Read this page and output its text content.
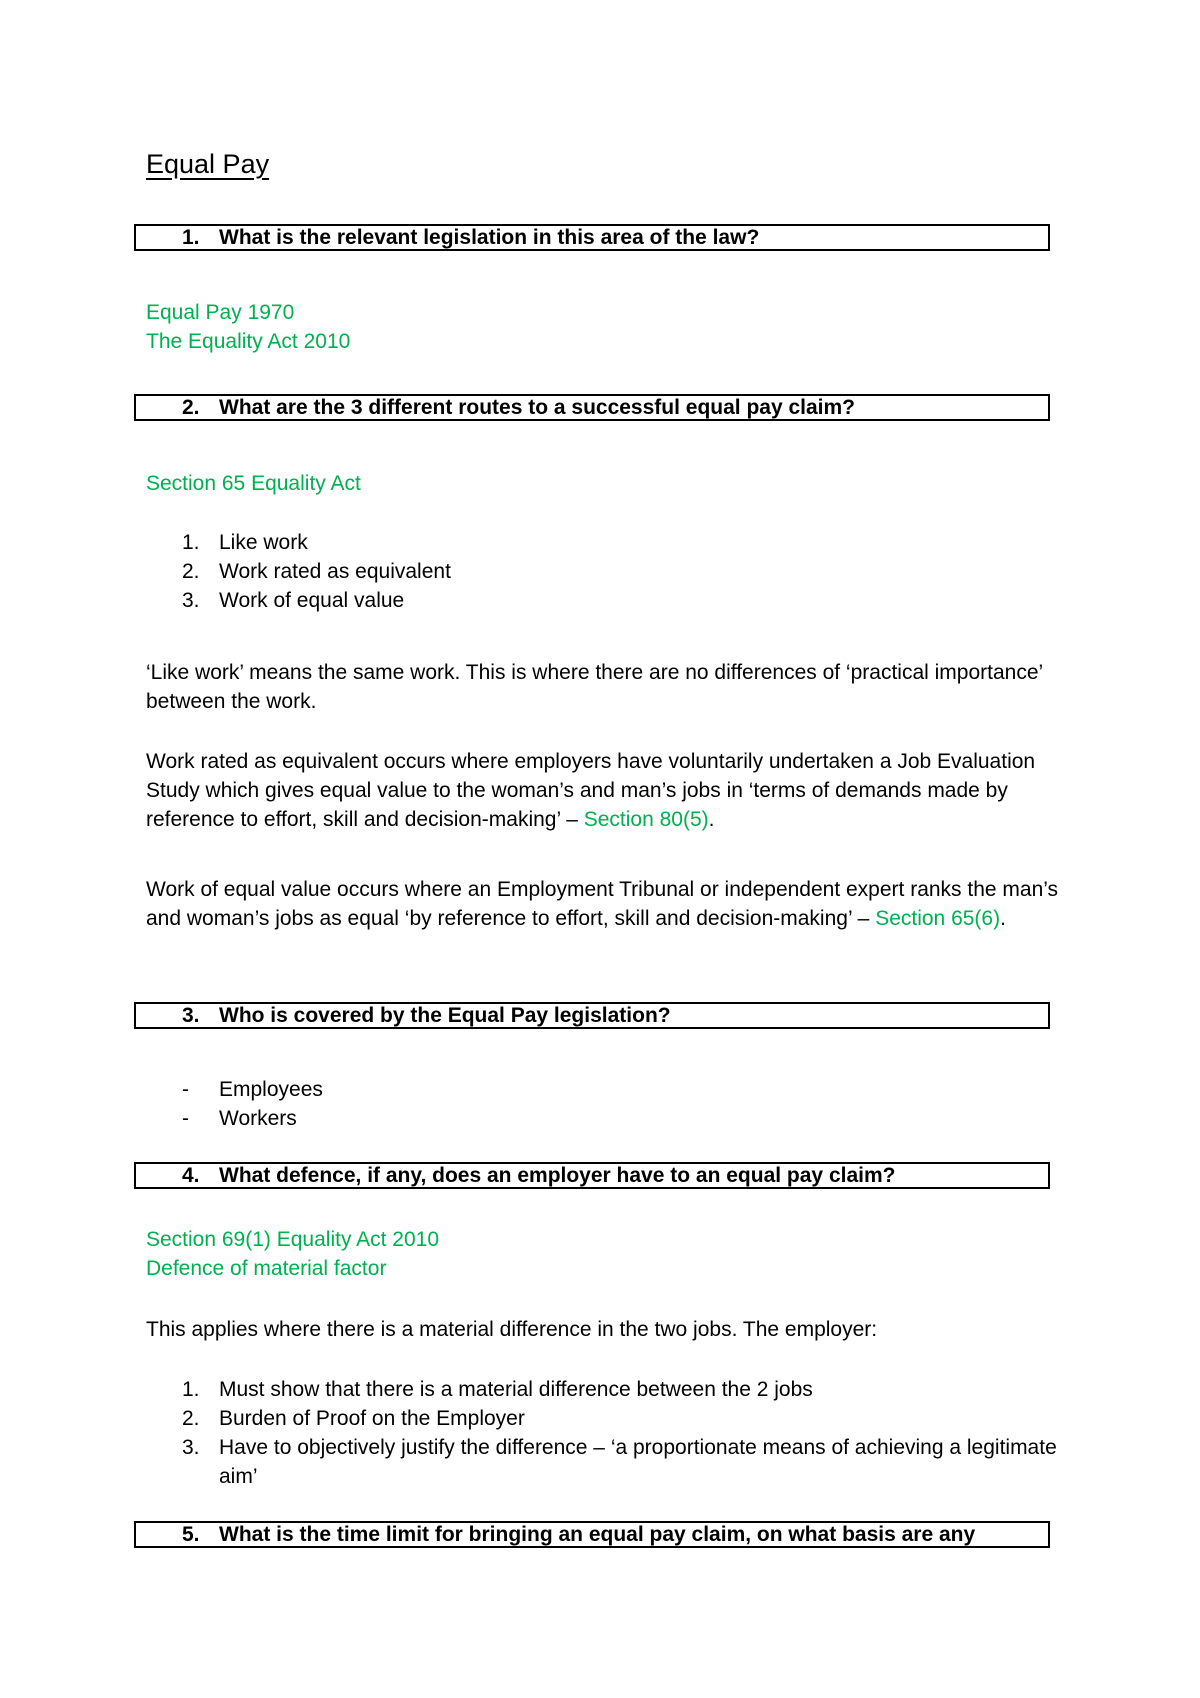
Equal Pay
1. What is the relevant legislation in this area of the law?

Equal Pay 1970

The Equality Act 2010

2. What are the 3 different routes to a successful equal pay claim?
Section 65 Equality Act
1. Like work
2. Work rated as equivalent
3. Work of equal value
‘Like work’ means the same work. This is where there are no differences of ‘practical importance’ between the work.
Work rated as equivalent occurs where employers have voluntarily undertaken a Job Evaluation Study which gives equal value to the woman’s and man’s jobs in ‘terms of demands made by reference to effort, skill and decision-making’ – Section 80(5).
Work of equal value occurs where an Employment Tribunal or independent expert ranks the man’s and woman’s jobs as equal ‘by reference to effort, skill and decision-making’ – Section 65(6).
3. Who is covered by the Equal Pay legislation?
- Employees
- Workers
4. What defence, if any, does an employer have to an equal pay claim?

Section 69(1) Equality Act 2010

Defence of material factor

This applies where there is a material difference in the two jobs. The employer:
1. Must show that there is a material difference between the 2 jobs
2. Burden of Proof on the Employer
3. Have to objectively justify the difference – ‘a proportionate means of achieving a legitimate aim’
5. What is the time limit for bringing an equal pay claim, on what basis are any
